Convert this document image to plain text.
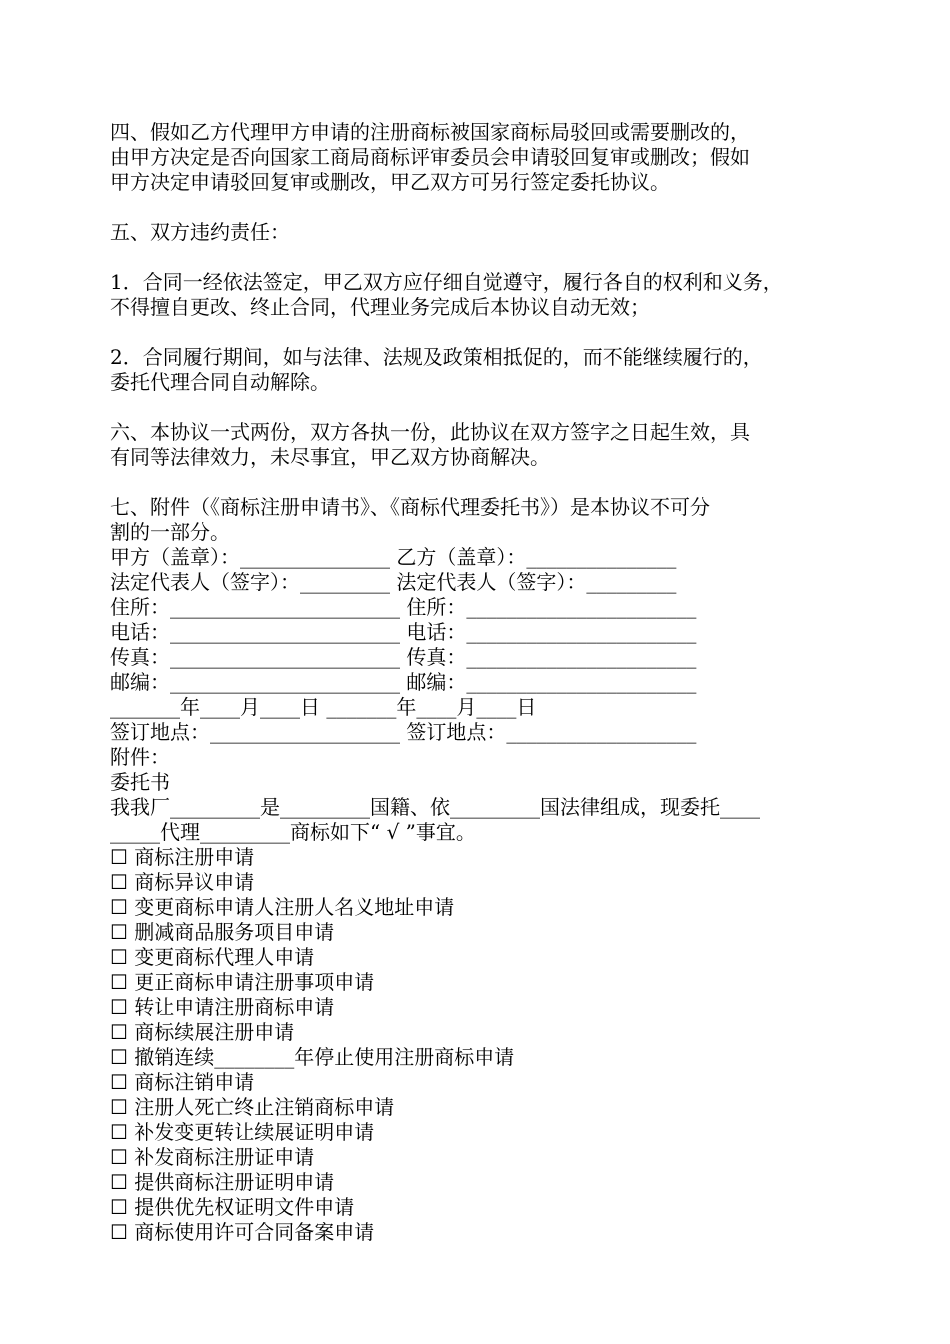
四、假如乙方代理甲方申请的注册商标被国家商标局驳回或需要删改的，
由甲方决定是否向国家工商局商标评审委员会申请驳回复审或删改；假如
甲方决定申请驳回复审或删改，甲乙双方可另行签定委托协议。
五、双方违约责任：
1．合同一经依法签定，甲乙双方应仔细自觉遵守，履行各自的权利和义务，
不得擅自更改、终止合同，代理业务完成后本协议自动无效；
2．合同履行期间，如与法律、法规及政策相抵促的，而不能继续履行的，
委托代理合同自动解除。
六、本协议一式两份，双方各执一份，此协议在双方签字之日起生效，具
有同等法律效力，未尽事宜，甲乙双方协商解决。
七、附件（《商标注册申请书》、《商标代理委托书》）是本协议不可分
割的一部分。
甲方（盖章）：_______________ 乙方（盖章）：_______________
法定代表人（签字）：_________ 法定代表人（签字）：_________
住所：_______________________ 住所：_______________________
电话：_______________________ 电话：_______________________
传真：_______________________ 传真：_______________________
邮编：_______________________ 邮编：_______________________
_______年____月____日 _______年____月____日
签订地点：___________________ 签订地点：___________________
附件：
委托书
我我厂_________是_________国籍、依_________国法律组成，现委托____
_____代理_________商标如下“ √ ”事宜。
☐ 商标注册申请
☐ 商标异议申请
☐ 变更商标申请人注册人名义地址申请
☐ 删减商品服务项目申请
☐ 变更商标代理人申请
☐ 更正商标申请注册事项申请
☐ 转让申请注册商标申请
☐ 商标续展注册申请
☐ 撤销连续________年停止使用注册商标申请
☐ 商标注销申请
☐ 注册人死亡终止注销商标申请
☐ 补发变更转让续展证明申请
☐ 补发商标注册证申请
☐ 提供商标注册证明申请
☐ 提供优先权证明文件申请
☐ 商标使用许可合同备案申请
